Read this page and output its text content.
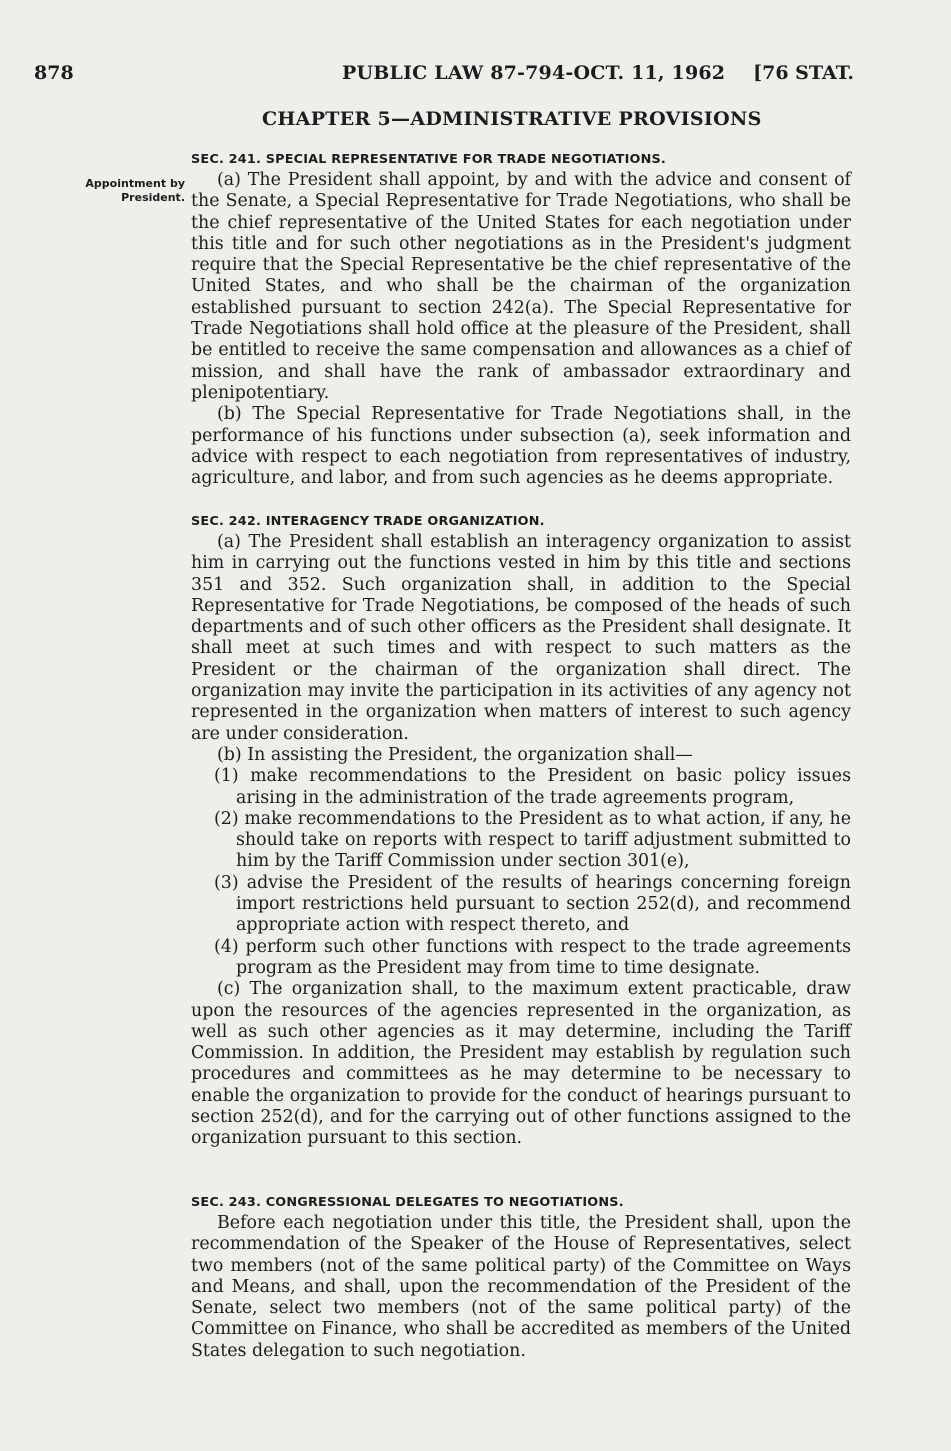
878	PUBLIC LAW 87-794-OCT. 11, 1962 [76 STAT.
CHAPTER 5—ADMINISTRATIVE PROVISIONS
Appointment by President.

SEC. 241. SPECIAL REPRESENTATIVE FOR TRADE NEGOTIATIONS.

(a) The President shall appoint, by and with the advice and consent of the Senate, a Special Representative for Trade Negotiations, who shall be the chief representative of the United States for each negotiation under this title and for such other negotiations as in the President's judgment require that the Special Representative be the chief representative of the United States, and who shall be the chairman of the organization established pursuant to section 242(a). The Special Representative for Trade Negotiations shall hold office at the pleasure of the President, shall be entitled to receive the same compensation and allowances as a chief of mission, and shall have the rank of ambassador extraordinary and plenipotentiary.

(b) The Special Representative for Trade Negotiations shall, in the performance of his functions under subsection (a), seek information and advice with respect to each negotiation from representatives of industry, agriculture, and labor, and from such agencies as he deems appropriate.

SEC. 242. INTERAGENCY TRADE ORGANIZATION.

(a) The President shall establish an interagency organization to assist him in carrying out the functions vested in him by this title and sections 351 and 352. Such organization shall, in addition to the Special Representative for Trade Negotiations, be composed of the heads of such departments and of such other officers as the President shall designate. It shall meet at such times and with respect to such matters as the President or the chairman of the organization shall direct. The organization may invite the participation in its activities of any agency not represented in the organization when matters of interest to such agency are under consideration.

(b) In assisting the President, the organization shall—

(1) make recommendations to the President on basic policy issues arising in the administration of the trade agreements program,

(2) make recommendations to the President as to what action, if any, he should take on reports with respect to tariff adjustment submitted to him by the Tariff Commission under section 301(e),

(3) advise the President of the results of hearings concerning foreign import restrictions held pursuant to section 252(d), and recommend appropriate action with respect thereto, and

(4) perform such other functions with respect to the trade agreements program as the President may from time to time designate.

(c) The organization shall, to the maximum extent practicable, draw upon the resources of the agencies represented in the organization, as well as such other agencies as it may determine, including the Tariff Commission. In addition, the President may establish by regulation such procedures and committees as he may determine to be necessary to enable the organization to provide for the conduct of hearings pursuant to section 252(d), and for the carrying out of other functions assigned to the organization pursuant to this section.

SEC. 243. CONGRESSIONAL DELEGATES TO NEGOTIATIONS.

Before each negotiation under this title, the President shall, upon the recommendation of the Speaker of the House of Representatives, select two members (not of the same political party) of the Committee on Ways and Means, and shall, upon the recommendation of the President of the Senate, select two members (not of the same political party) of the Committee on Finance, who shall be accredited as members of the United States delegation to such negotiation.
